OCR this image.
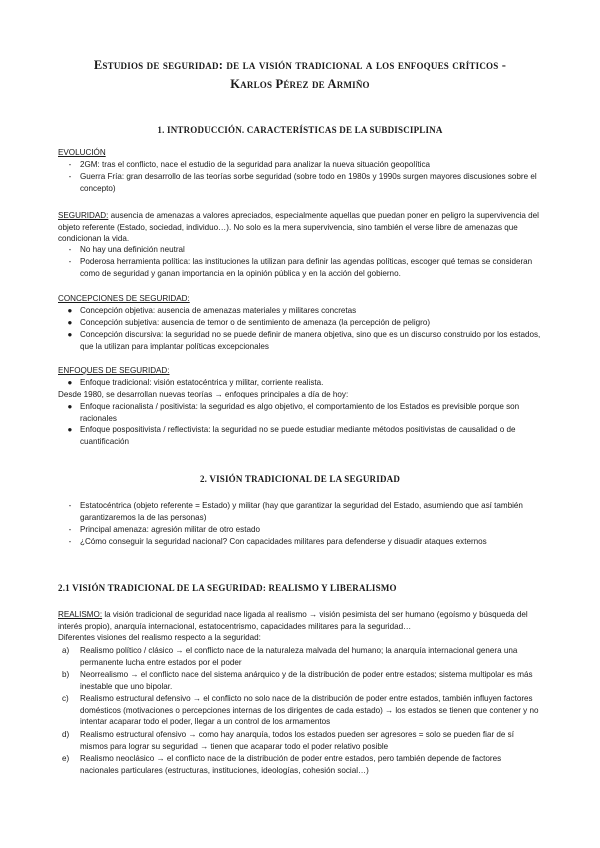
Estudios de seguridad: de la visión tradicional a los enfoques críticos -
Karlos Pérez de Armiño
1. INTRODUCCIÓN. CARACTERÍSTICAS DE LA SUBDISCIPLINA
EVOLUCIÓN
-	2GM: tras el conflicto, nace el estudio de la seguridad para analizar la nueva situación geopolítica
-	Guerra Fría: gran desarrollo de las teorías sorbe seguridad (sobre todo en 1980s y 1990s surgen mayores discusiones sobre el concepto)
SEGURIDAD: ausencia de amenazas a valores apreciados, especialmente aquellas que puedan poner en peligro la supervivencia del objeto referente (Estado, sociedad, individuo…). No solo es la mera supervivencia, sino también el verse libre de amenazas que condicionan la vida.
-	No hay una definición neutral
-	Poderosa herramienta política: las instituciones la utilizan para definir las agendas políticas, escoger qué temas se consideran como de seguridad y ganan importancia en la opinión pública y en la acción del gobierno.
CONCEPCIONES DE SEGURIDAD:
● Concepción objetiva: ausencia de amenazas materiales y militares concretas
● Concepción subjetiva: ausencia de temor o de sentimiento de amenaza (la percepción de peligro)
● Concepción discursiva: la seguridad no se puede definir de manera objetiva, sino que es un discurso construido por los estados, que la utilizan para implantar políticas excepcionales
ENFOQUES DE SEGURIDAD:
● Enfoque tradicional: visión estatocéntrica y militar, corriente realista.
Desde 1980, se desarrollan nuevas teorías → enfoques principales a día de hoy:
● Enfoque racionalista / positivista: la seguridad es algo objetivo, el comportamiento de los Estados es previsible porque son racionales
● Enfoque pospositivista / reflectivista: la seguridad no se puede estudiar mediante métodos positivistas de causalidad o de cuantificación
2. VISIÓN TRADICIONAL DE LA SEGURIDAD
-	Estatocéntrica (objeto referente = Estado) y militar (hay que garantizar la seguridad del Estado, asumiendo que así también garantizaremos la de las personas)
-	Principal amenaza: agresión militar de otro estado
-	¿Cómo conseguir la seguridad nacional? Con capacidades militares para defenderse y disuadir ataques externos
2.1 VISIÓN TRADICIONAL DE LA SEGURIDAD: REALISMO Y LIBERALISMO
REALISMO: la visión tradicional de seguridad nace ligada al realismo → visión pesimista del ser humano (egoísmo y búsqueda del interés propio), anarquía internacional, estatocentrismo, capacidades militares para la seguridad…
Diferentes visiones del realismo respecto a la seguridad:
a)	Realismo político / clásico → el conflicto nace de la naturaleza malvada del humano; la anarquía internacional genera una permanente lucha entre estados por el poder
b)	Neorrealismo → el conflicto nace del sistema anárquico y de la distribución de poder entre estados; sistema multipolar es más inestable que uno bipolar.
c)	Realismo estructural defensivo → el conflicto no solo nace de la distribución de poder entre estados, también influyen factores domésticos (motivaciones o percepciones internas de los dirigentes de cada estado) → los estados se tienen que contener y no intentar acaparar todo el poder, llegar a un control de los armamentos
d)	Realismo estructural ofensivo → como hay anarquía, todos los estados pueden ser agresores = solo se pueden fiar de sí mismos para lograr su seguridad → tienen que acaparar todo el poder relativo posible
e)	Realismo neoclásico → el conflicto nace de la distribución de poder entre estados, pero también depende de factores nacionales particulares (estructuras, instituciones, ideologías, cohesión social…)
